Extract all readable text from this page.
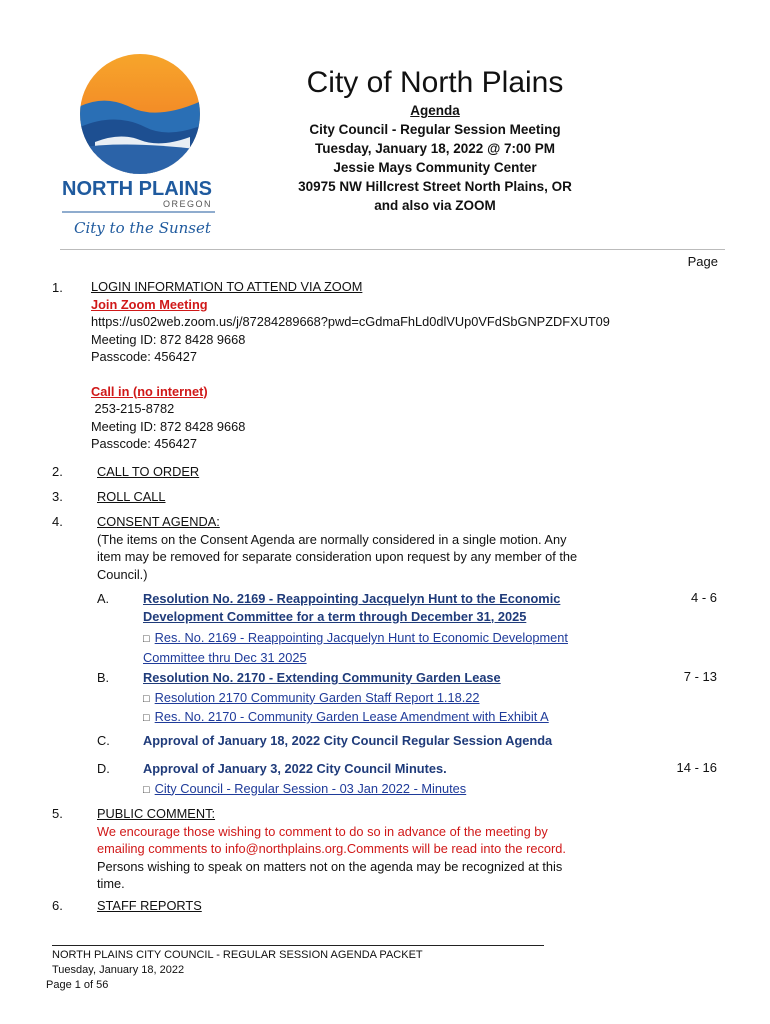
NORTH PLAINS
OREGON
City to the Sunset
City of North Plains
Agenda
City Council - Regular Session Meeting
Tuesday, January 18, 2022 @ 7:00 PM
Jessie Mays Community Center
30975 NW Hillcrest Street North Plains, OR
and also via ZOOM
Page
1. LOGIN INFORMATION TO ATTEND VIA ZOOM
Join Zoom Meeting
https://us02web.zoom.us/j/87284289668?pwd=cGdmaFhLd0dlVUp0VFdSbGNPZDFXUT09
Meeting ID: 872 8428 9668
Passcode: 456427
Call in (no internet)
253-215-8782
Meeting ID: 872 8428 9668
Passcode: 456427
2.	CALL TO ORDER
3.	ROLL CALL
4.	CONSENT AGENDA:
(The items on the Consent Agenda are normally considered in a single motion. Any
item may be removed for separate consideration upon request by any member of the
Council.)
A.	Resolution No. 2169 - Reappointing Jacquelyn Hunt to the Economic
Development Committee for a term through December 31, 2025
□ Res. No. 2169 - Reappointing Jacquelyn Hunt to Economic Development
Committee thru Dec 31 2025
4 - 6
B.	Resolution No. 2170 - Extending Community Garden Lease
□ Resolution 2170 Community Garden Staff Report 1.18.22
□ Res. No. 2170 - Community Garden Lease Amendment with Exhibit A
7 - 13
C.	Approval of January 18, 2022 City Council Regular Session Agenda
D.	Approval of January 3, 2022 City Council Minutes.
□ City Council - Regular Session - 03 Jan 2022 - Minutes
14 - 16
5.	PUBLIC COMMENT:
We encourage those wishing to comment to do so in advance of the meeting by
emailing comments to info@northplains.org.Comments will be read into the record.
Persons wishing to speak on matters not on the agenda may be recognized at this
time.
6.	STAFF REPORTS
NORTH PLAINS CITY COUNCIL - REGULAR SESSION AGENDA PACKET
Tuesday, January 18, 2022
Page 1 of 56
